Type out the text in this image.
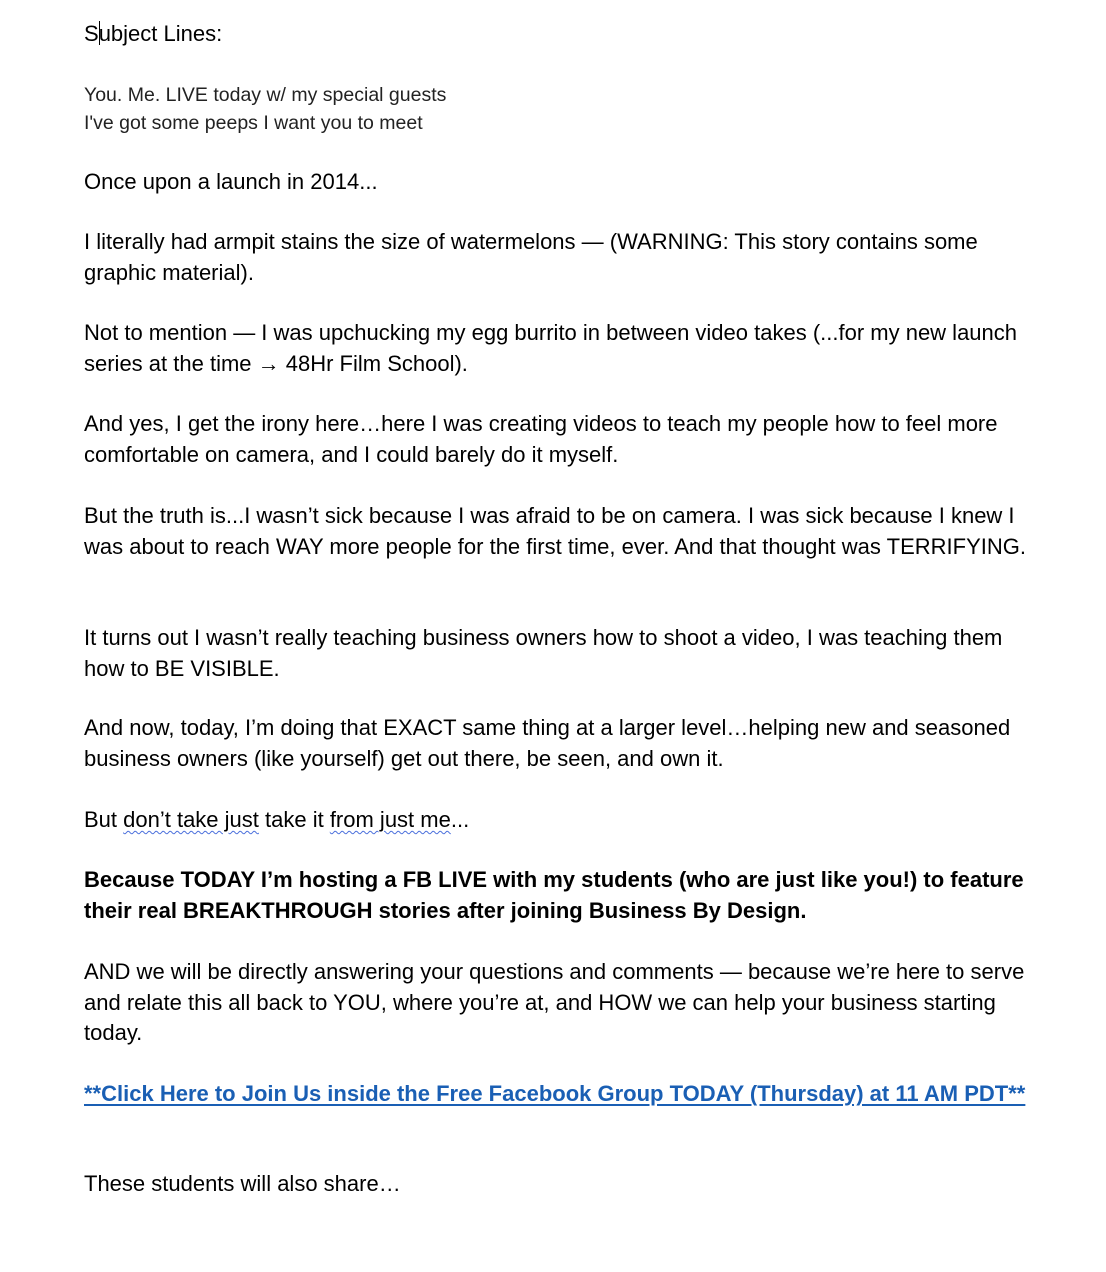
Subject Lines:
You. Me. LIVE today w/ my special guests
I've got some peeps I want you to meet
Once upon a launch in 2014...
I literally had armpit stains the size of watermelons — (WARNING: This story contains some graphic material).
Not to mention — I was upchucking my egg burrito in between video takes (...for my new launch series at the time → 48Hr Film School).
And yes, I get the irony here…here I was creating videos to teach my people how to feel more comfortable on camera, and I could barely do it myself.
But the truth is...I wasn’t sick because I was afraid to be on camera. I was sick because I knew I was about to reach WAY more people for the first time, ever. And that thought was TERRIFYING.
It turns out I wasn’t really teaching business owners how to shoot a video, I was teaching them how to BE VISIBLE.
And now, today, I’m doing that EXACT same thing at a larger level…helping new and seasoned business owners (like yourself) get out there, be seen, and own it.
But don’t take just take it from just me...
Because TODAY I’m hosting a FB LIVE with my students (who are just like you!) to feature their real BREAKTHROUGH stories after joining Business By Design.
AND we will be directly answering your questions and comments — because we’re here to serve and relate this all back to YOU, where you’re at, and HOW we can help your business starting today.
**Click Here to Join Us inside the Free Facebook Group TODAY (Thursday) at 11 AM PDT**
These students will also share…
